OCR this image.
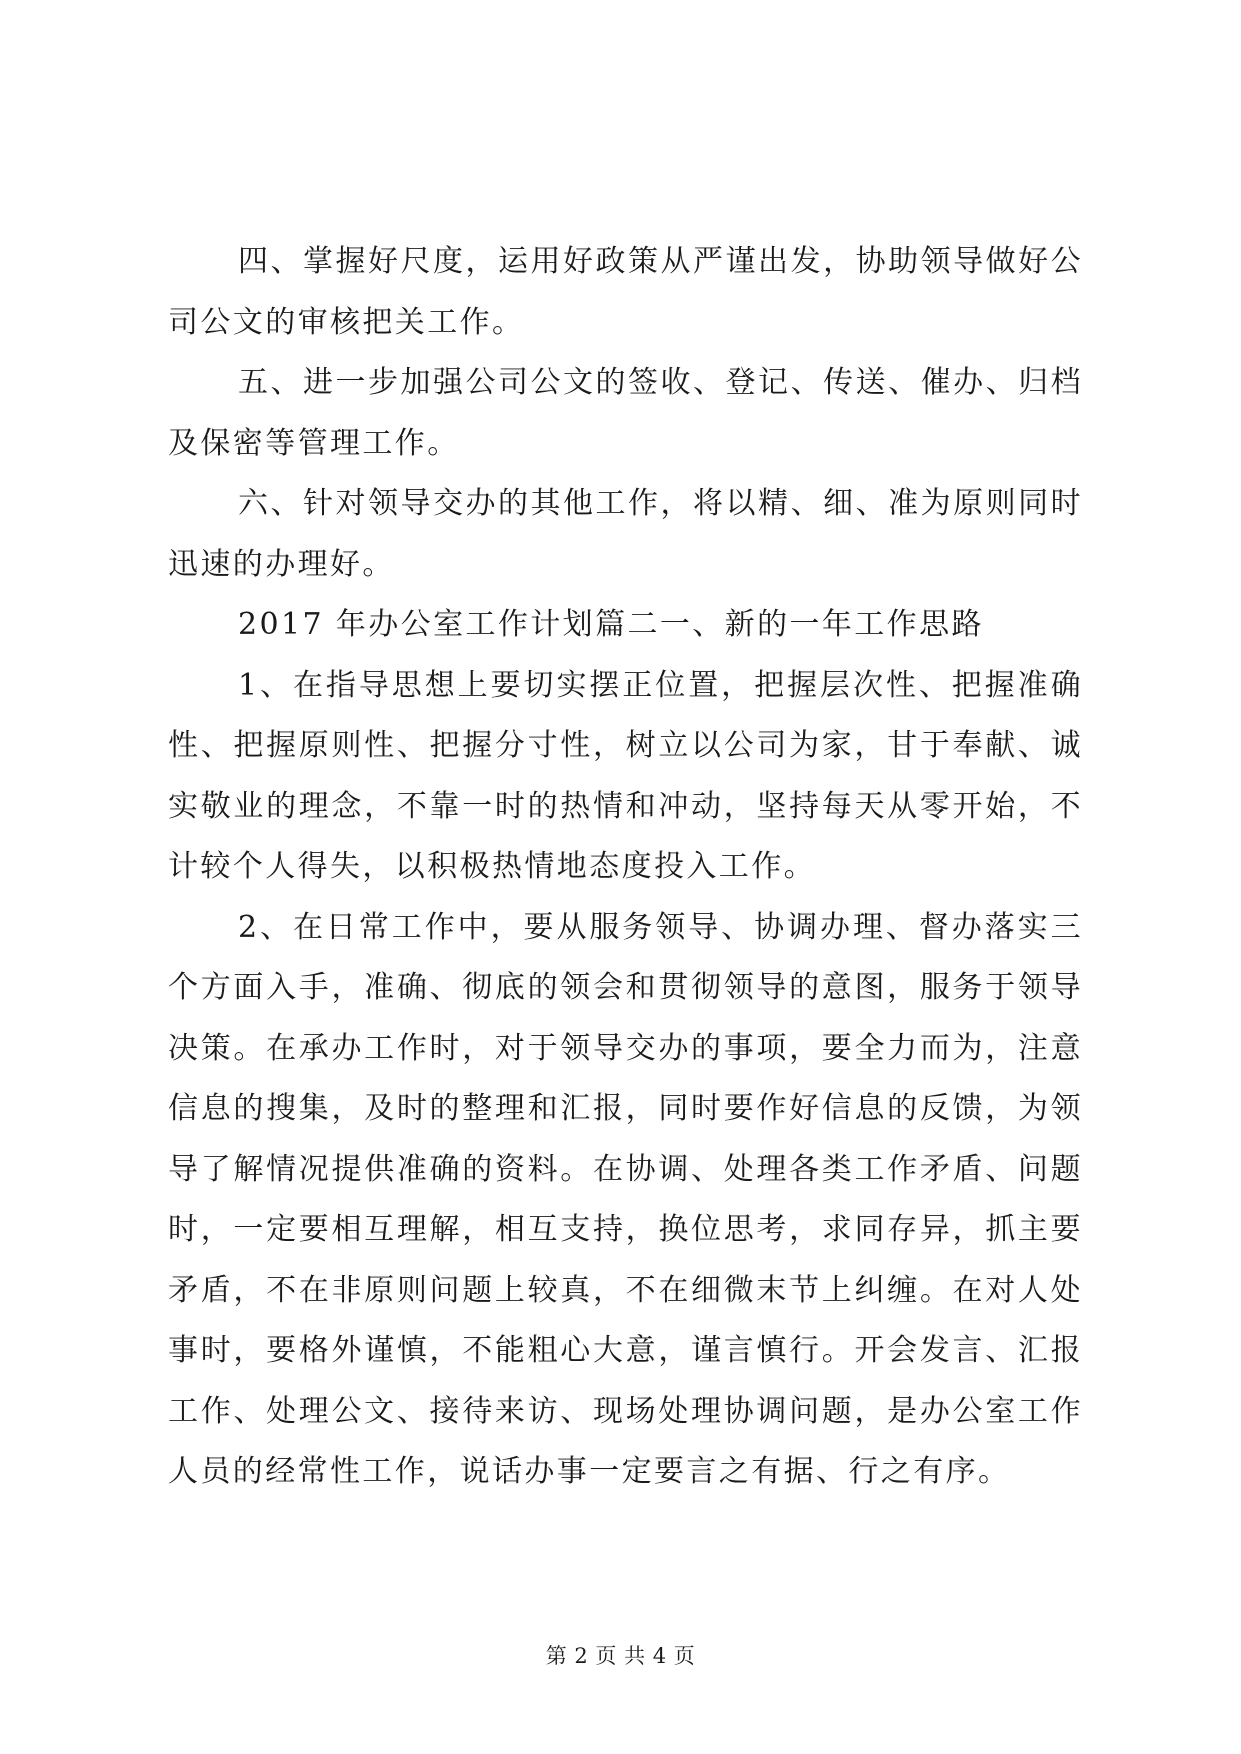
四、掌握好尺度，运用好政策从严谨出发，协助领导做好公司公文的审核把关工作。

五、进一步加强公司公文的签收、登记、传送、催办、归档及保密等管理工作。

六、针对领导交办的其他工作，将以精、细、准为原则同时迅速的办理好。

2017 年办公室工作计划篇二一、新的一年工作思路

1、在指导思想上要切实摆正位置，把握层次性、把握准确性、把握原则性、把握分寸性，树立以公司为家，甘于奉献、诚实敬业的理念，不靠一时的热情和冲动，坚持每天从零开始，不计较个人得失，以积极热情地态度投入工作。

2、在日常工作中，要从服务领导、协调办理、督办落实三个方面入手，准确、彻底的领会和贯彻领导的意图，服务于领导决策。在承办工作时，对于领导交办的事项，要全力而为，注意信息的搜集，及时的整理和汇报，同时要作好信息的反馈，为领导了解情况提供准确的资料。在协调、处理各类工作矛盾、问题时，一定要相互理解，相互支持，换位思考，求同存异，抓主要矛盾，不在非原则问题上较真，不在细微末节上纠缠。在对人处事时，要格外谨慎，不能粗心大意，谨言慎行。开会发言、汇报工作、处理公文、接待来访、现场处理协调问题，是办公室工作人员的经常性工作，说话办事一定要言之有据、行之有序。

第 2 页 共 4 页
